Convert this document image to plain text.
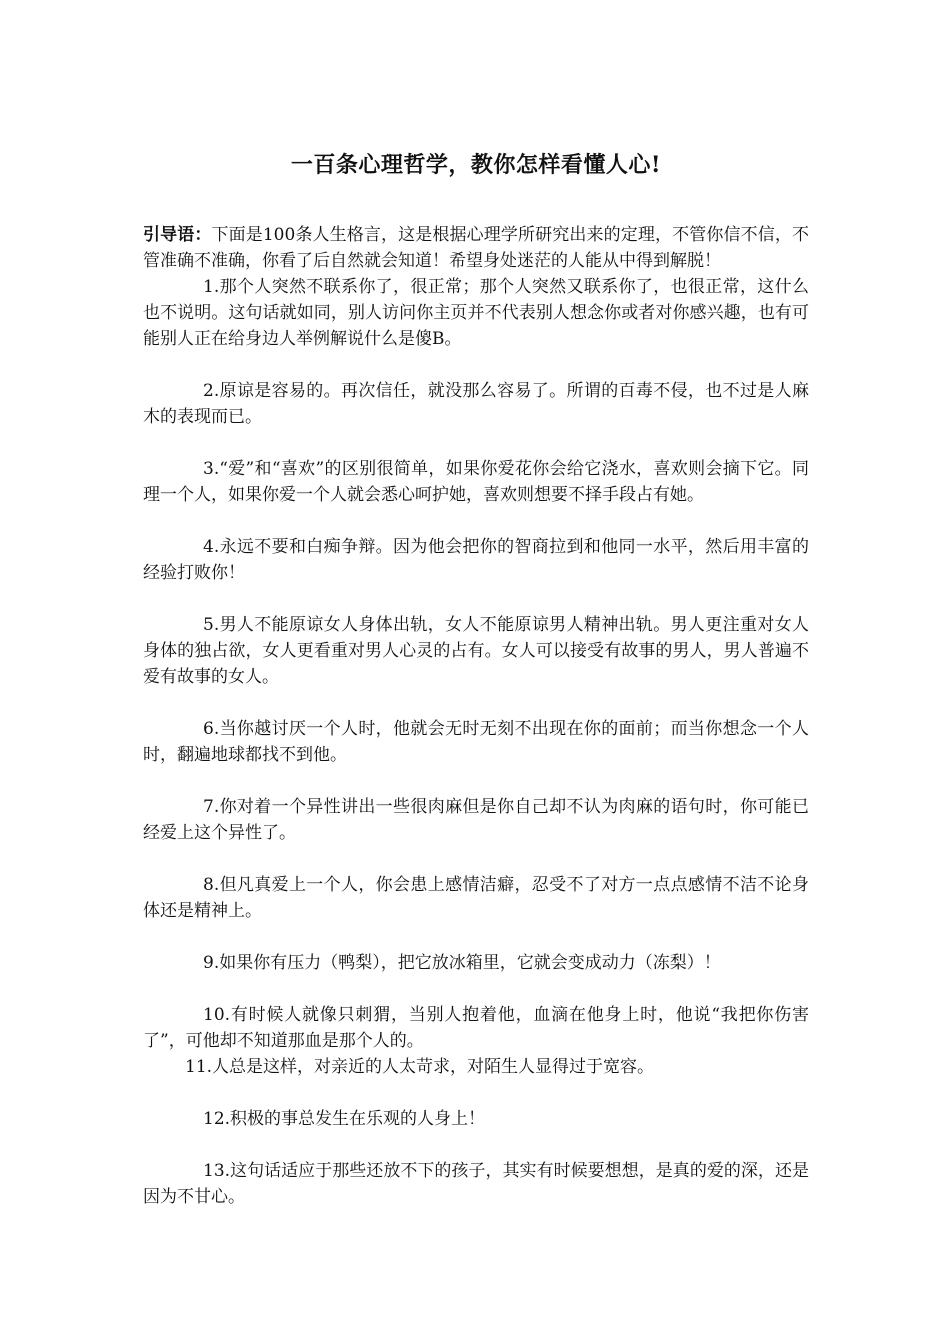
一百条心理哲学，教你怎样看懂人心!

引导语：下面是100条人生格言，这是根据心理学所研究出来的定理，不管你信不信，不管准确不准确，你看了后自然就会知道！希望身处迷茫的人能从中得到解脱！

1.那个人突然不联系你了，很正常；那个人突然又联系你了，也很正常，这什么也不说明。这句话就如同，别人访问你主页并不代表别人想念你或者对你感兴趣，也有可能别人正在给身边人举例解说什么是傻B。

2.原谅是容易的。再次信任，就没那么容易了。所谓的百毒不侵，也不过是人麻木的表现而已。

3.“爱”和“喜欢”的区别很简单，如果你爱花你会给它浇水，喜欢则会摘下它。同理一个人，如果你爱一个人就会悉心呵护她，喜欢则想要不择手段占有她。

4.永远不要和白痴争辩。因为他会把你的智商拉到和他同一水平，然后用丰富的经验打败你！

5.男人不能原谅女人身体出轨，女人不能原谅男人精神出轨。男人更注重对女人身体的独占欲，女人更看重对男人心灵的占有。女人可以接受有故事的男人，男人普遍不爱有故事的女人。

6.当你越讨厌一个人时，他就会无时无刻不出现在你的面前；而当你想念一个人时，翻遍地球都找不到他。

7.你对着一个异性讲出一些很肉麻但是你自己却不认为肉麻的语句时，你可能已经爱上这个异性了。

8.但凡真爱上一个人，你会患上感情洁癖，忍受不了对方一点点感情不洁不论身体还是精神上。

9.如果你有压力（鸭梨），把它放冰箱里，它就会变成动力（冻梨）！

10.有时候人就像只刺猬，当别人抱着他，血滴在他身上时，他说“我把你伤害了”，可他却不知道那血是那个人的。

11.人总是这样，对亲近的人太苛求，对陌生人显得过于宽容。

12.积极的事总发生在乐观的人身上！

13.这句话适应于那些还放不下的孩子，其实有时候要想想，是真的爱的深，还是因为不甘心。
